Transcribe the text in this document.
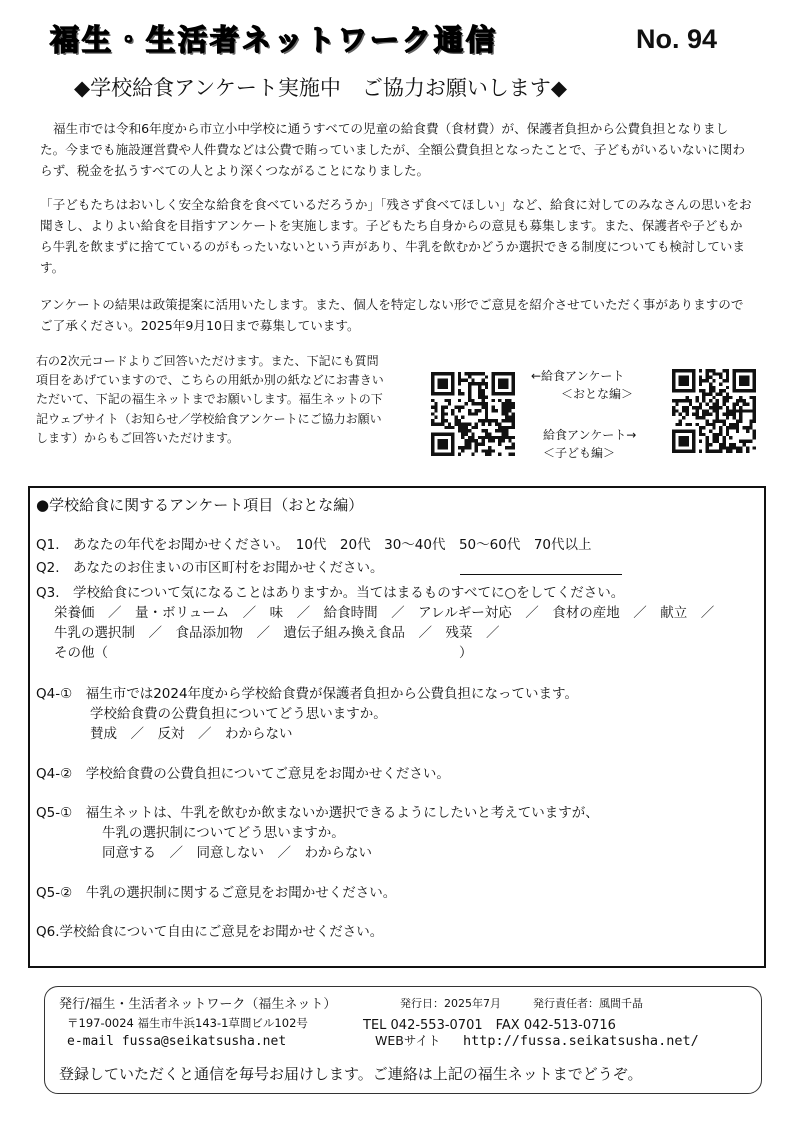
福生・生活者ネットワーク通信	No. 94
◆学校給食アンケート実施中　ご協力お願いします◆
福生市では令和6年度から市立小中学校に通うすべての児童の給食費（食材費）が、保護者負担から公費負担となりました。今までも施設運営費や人件費などは公費で賄っていましたが、全額公費負担となったことで、子どもがいるいないに関わらず、税金を払うすべての人とより深くつながることになりました。
「子どもたちはおいしく安全な給食を食べているだろうか」「残さず食べてほしい」など、給食に対してのみなさんの思いをお聞きし、よりよい給食を目指すアンケートを実施します。子どもたち自身からの意見も募集します。また、保護者や子どもから牛乳を飲まずに捨てているのがもったいないという声があり、牛乳を飲むかどうか選択できる制度についても検討しています。
アンケートの結果は政策提案に活用いたします。また、個人を特定しない形でご意見を紹介させていただく事がありますのでご了承ください。2025年9月10日まで募集しています。
右の2次元コードよりご回答いただけます。また、下記にも質問項目をあげていますので、こちらの用紙か別の紙などにお書きいただいて、下記の福生ネットまでお願いします。福生ネットの下記ウェブサイト（お知らせ／学校給食アンケートにご協力お願いします）からもご回答いただけます。
←給食アンケート
＜おとな編＞
給食アンケート→
＜子ども編＞
●学校給食に関するアンケート項目（おとな編）
Q1.　あなたの年代をお聞かせください。　10代　20代　30～40代　50～60代　70代以上
Q2.　あなたのお住まいの市区町村をお聞かせください。
Q3.　学校給食について気になることはありますか。当てはまるものすべてに○をしてください。
栄養価　／　量・ボリューム　／　味　／　給食時間　／　アレルギー対応　／　食材の産地　／　献立　／
牛乳の選択制　／　食品添加物　／　遺伝子組み換え食品　／　残菜　／
その他（　　　　　　　　　　　　　　　　　　　　　　　　　　）
Q4-①　福生市では2024年度から学校給食費が保護者負担から公費負担になっています。
学校給食費の公費負担についてどう思いますか。
賛成　／　反対　／　わからない
Q4-②　学校給食費の公費負担についてご意見をお聞かせください。
Q5-①　福生ネットは、牛乳を飲むか飲まないか選択できるようにしたいと考えていますが、
牛乳の選択制についてどう思いますか。
同意する　／　同意しない　／　わからない
Q5-②　牛乳の選択制に関するご意見をお聞かせください。
Q6.学校給食について自由にご意見をお聞かせください。
発行/福生・生活者ネットワーク（福生ネット）	発行日：2025年7月	発行責任者：風間千晶
〒197-0024 福生市牛浜143-1草間ビル102号	TEL 042-553-0701　FAX 042-513-0716
e-mail fussa@seikatsusha.net	WEBサイト http://fussa.seikatsusha.net/
登録していただくと通信を毎号お届けします。ご連絡は上記の福生ネットまでどうぞ。
